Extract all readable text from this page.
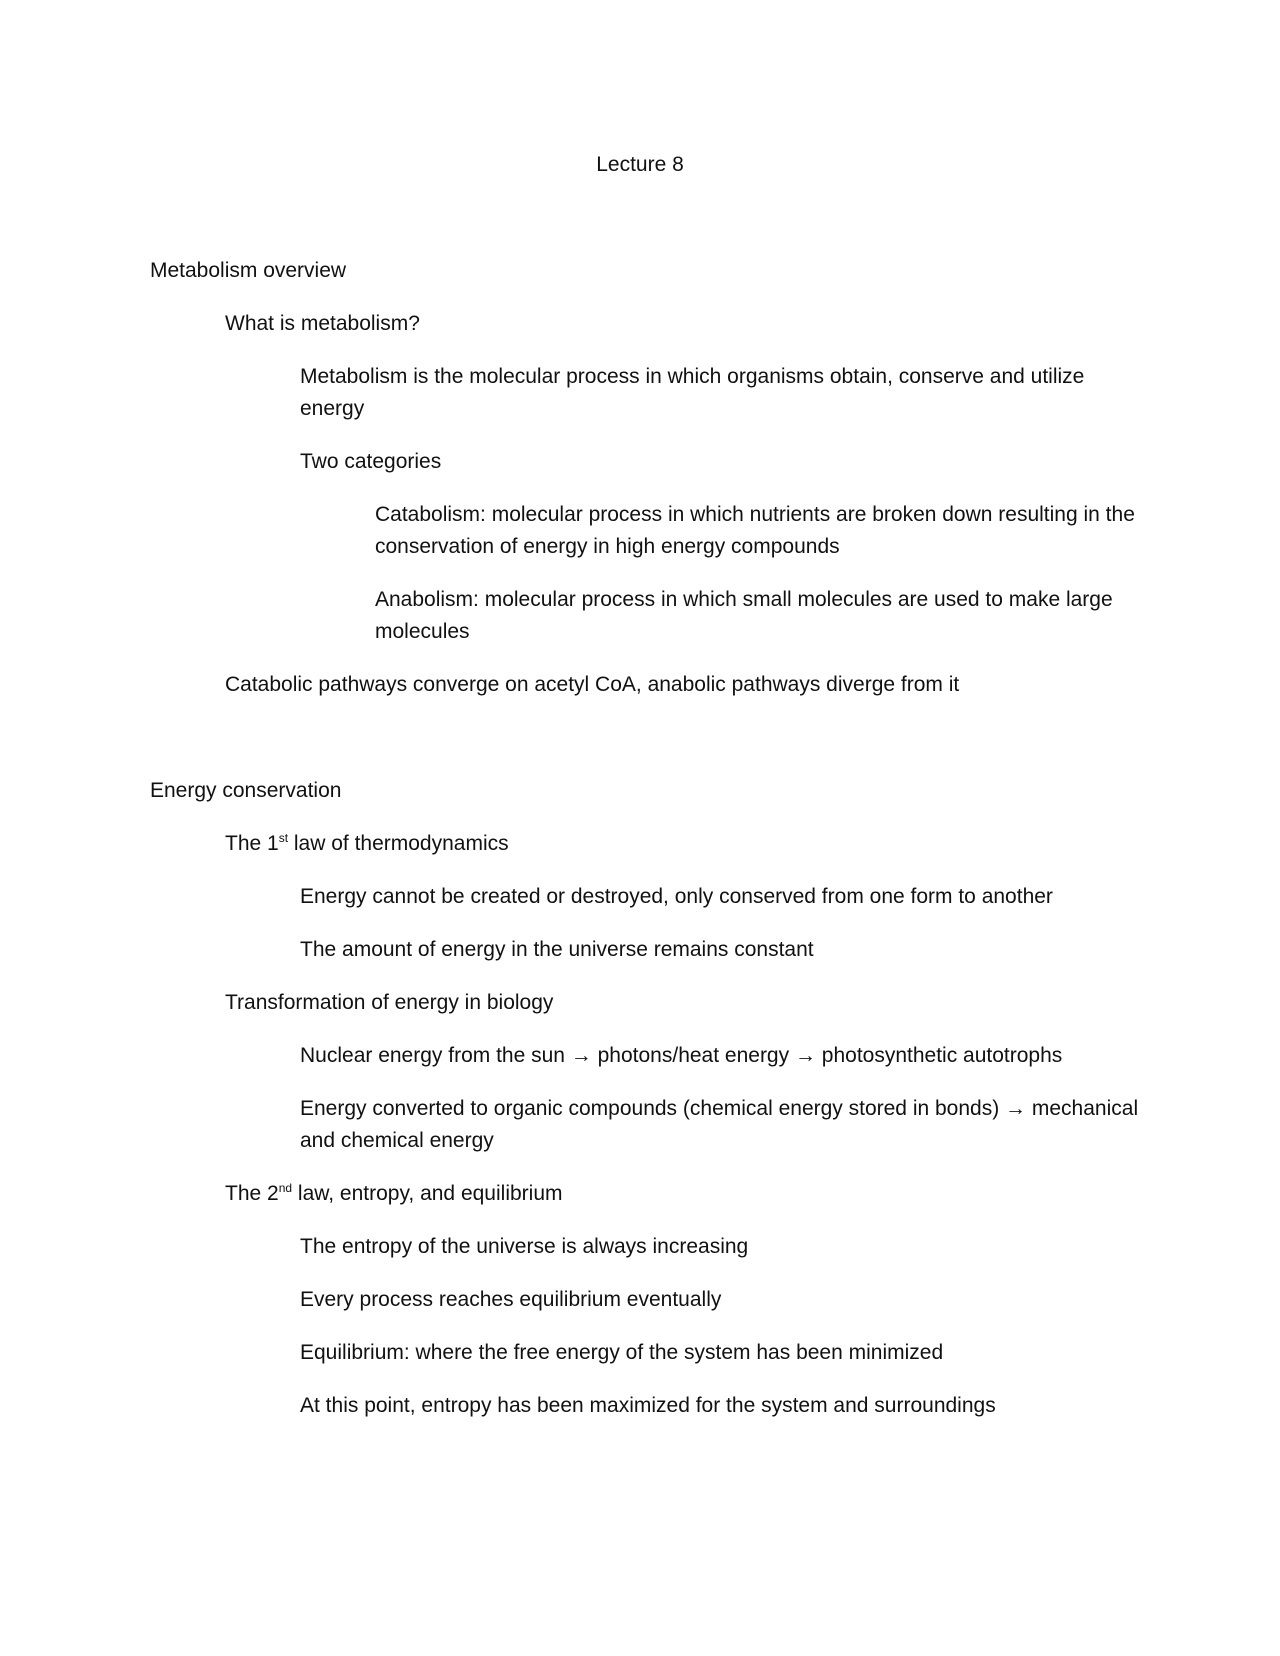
Lecture 8
Metabolism overview
What is metabolism?
Metabolism is the molecular process in which organisms obtain, conserve and utilize energy
Two categories
Catabolism: molecular process in which nutrients are broken down resulting in the conservation of energy in high energy compounds
Anabolism: molecular process in which small molecules are used to make large molecules
Catabolic pathways converge on acetyl CoA, anabolic pathways diverge from it
Energy conservation
The 1st law of thermodynamics
Energy cannot be created or destroyed, only conserved from one form to another
The amount of energy in the universe remains constant
Transformation of energy in biology
Nuclear energy from the sun → photons/heat energy → photosynthetic autotrophs
Energy converted to organic compounds (chemical energy stored in bonds) → mechanical and chemical energy
The 2nd law, entropy, and equilibrium
The entropy of the universe is always increasing
Every process reaches equilibrium eventually
Equilibrium: where the free energy of the system has been minimized
At this point, entropy has been maximized for the system and surroundings
